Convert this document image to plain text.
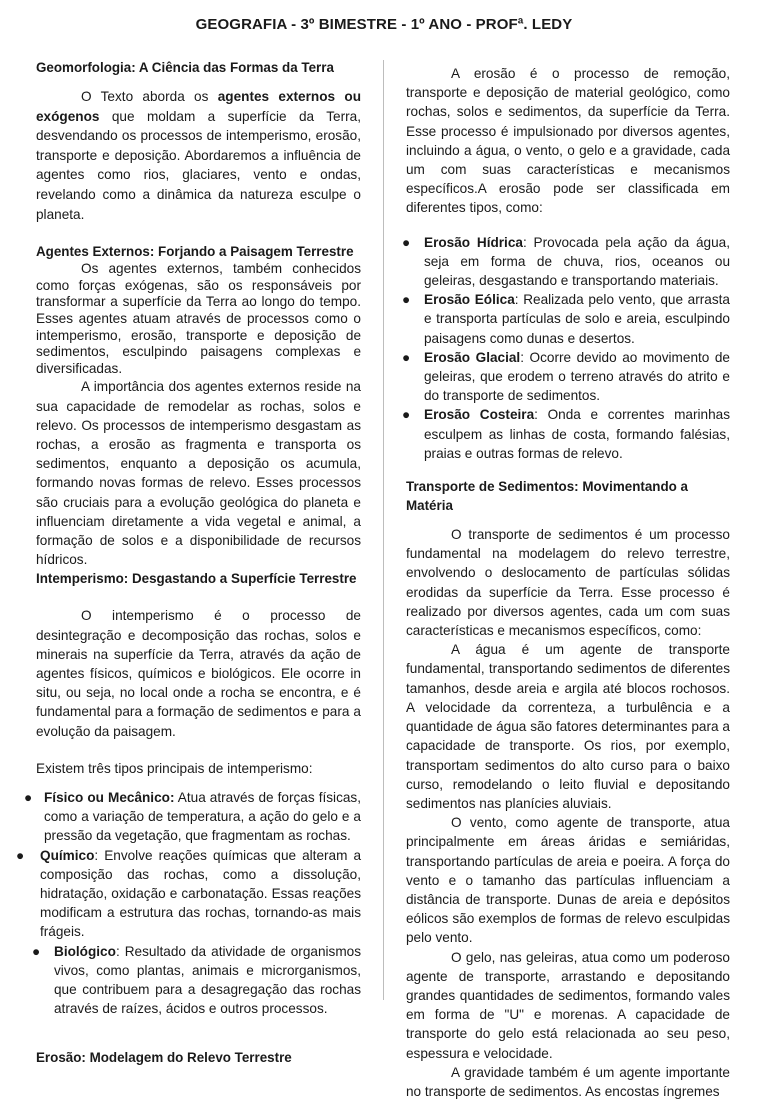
GEOGRAFIA - 3º BIMESTRE - 1º ANO - PROFª. LEDY
Geomorfologia: A Ciência das Formas da Terra

O Texto aborda os agentes externos ou exógenos que moldam a superfície da Terra, desvendando os processos de intemperismo, erosão, transporte e deposição. Abordaremos a influência de agentes como rios, glaciares, vento e ondas, revelando como a dinâmica da natureza esculpe o planeta.

Agentes Externos: Forjando a Paisagem Terrestre

Os agentes externos, também conhecidos como forças exógenas, são os responsáveis por transformar a superfície da Terra ao longo do tempo. Esses agentes atuam através de processos como o intemperismo, erosão, transporte e deposição de sedimentos, esculpindo paisagens complexas e diversificadas.

A importância dos agentes externos reside na sua capacidade de remodelar as rochas, solos e relevo. Os processos de intemperismo desgastam as rochas, a erosão as fragmenta e transporta os sedimentos, enquanto a deposição os acumula, formando novas formas de relevo. Esses processos são cruciais para a evolução geológica do planeta e influenciam diretamente a vida vegetal e animal, a formação de solos e a disponibilidade de recursos hídricos.

Intemperismo: Desgastando a Superfície Terrestre

O intemperismo é o processo de desintegração e decomposição das rochas, solos e minerais na superfície da Terra, através da ação de agentes físicos, químicos e biológicos. Ele ocorre in situ, ou seja, no local onde a rocha se encontra, e é fundamental para a formação de sedimentos e para a evolução da paisagem.

Existem três tipos principais de intemperismo:

● Físico ou Mecânico: Atua através de forças físicas, como a variação de temperatura, a ação do gelo e a pressão da vegetação, que fragmentam as rochas.
● Químico: Envolve reações químicas que alteram a composição das rochas, como a dissolução, hidratação, oxidação e carbonatação. Essas reações modificam a estrutura das rochas, tornando-as mais frágeis.
● Biológico: Resultado da atividade de organismos vivos, como plantas, animais e microrganismos, que contribuem para a desagregação das rochas através de raízes, ácidos e outros processos.
Erosão: Modelagem do Relevo Terrestre

A erosão é o processo de remoção, transporte e deposição de material geológico, como rochas, solos e sedimentos, da superfície da Terra. Esse processo é impulsionado por diversos agentes, incluindo a água, o vento, o gelo e a gravidade, cada um com suas características e mecanismos específicos.A erosão pode ser classificada em diferentes tipos, como:

● Erosão Hídrica: Provocada pela ação da água, seja em forma de chuva, rios, oceanos ou geleiras, desgastando e transportando materiais.
● Erosão Eólica: Realizada pelo vento, que arrasta e transporta partículas de solo e areia, esculpindo paisagens como dunas e desertos.
● Erosão Glacial: Ocorre devido ao movimento de geleiras, que erodem o terreno através do atrito e do transporte de sedimentos.
● Erosão Costeira: Onda e correntes marinhas esculpem as linhas de costa, formando falésias, praias e outras formas de relevo.
Transporte de Sedimentos: Movimentando a Matéria

O transporte de sedimentos é um processo fundamental na modelagem do relevo terrestre, envolvendo o deslocamento de partículas sólidas erodidas da superfície da Terra. Esse processo é realizado por diversos agentes, cada um com suas características e mecanismos específicos, como:

A água é um agente de transporte fundamental, transportando sedimentos de diferentes tamanhos, desde areia e argila até blocos rochosos. A velocidade da correnteza, a turbulência e a quantidade de água são fatores determinantes para a capacidade de transporte. Os rios, por exemplo, transportam sedimentos do alto curso para o baixo curso, remodelando o leito fluvial e depositando sedimentos nas planícies aluviais.

O vento, como agente de transporte, atua principalmente em áreas áridas e semiáridas, transportando partículas de areia e poeira. A força do vento e o tamanho das partículas influenciam a distância de transporte. Dunas de areia e depósitos eólicos são exemplos de formas de relevo esculpidas pelo vento.

O gelo, nas geleiras, atua como um poderoso agente de transporte, arrastando e depositando grandes quantidades de sedimentos, formando vales em forma de "U" e morenas. A capacidade de transporte do gelo está relacionada ao seu peso, espessura e velocidade.

A gravidade também é um agente importante no transporte de sedimentos. As encostas íngremes
